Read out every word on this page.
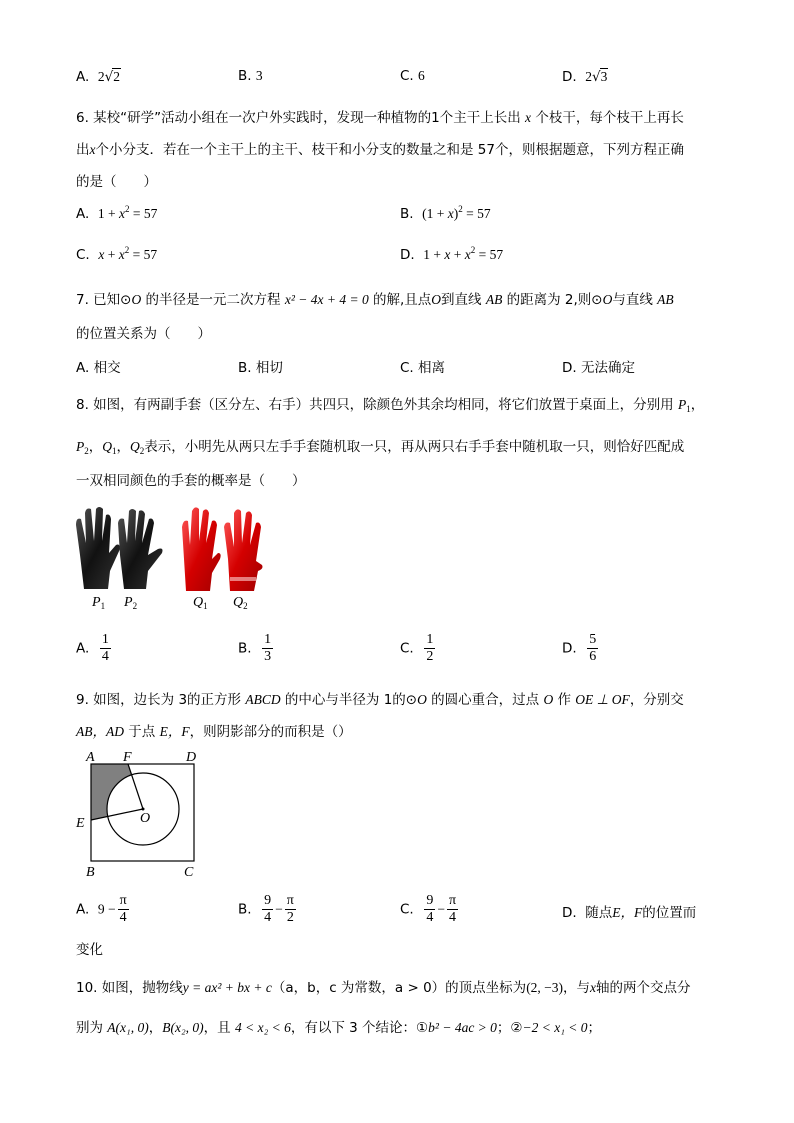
A. 2√2	B. 3	C. 6	D. 2√3
6. 某校“研学”活动小组在一次户外实践时，发现一种植物的1个主干上长出 x 个枝干，每个枝干上再长
出x个小分支．若在一个主干上的主干、枝干和小分支的数量之和是 57个，则根据题意，下列方程正确
的是（　　）
A. $1 + x^2 = 57$	B. $(1 + x)^2 = 57$
C. $x + x^2 = 57$	D. $1 + x + x^2 = 57$
7. 已知⊙O 的半径是一元二次方程 x² − 4x + 4 = 0 的解,且点O到直线 AB 的距离为 2,则⊙O与直线 AB
的位置关系为（　　）
A. 相交	B. 相切	C. 相离	D. 无法确定
8. 如图，有两副手套（区分左、右手）共四只，除颜色外其余均相同，将它们放置于桌面上，分别用 $P_1$，
$P_2$，$Q_1$，$Q_2$表示，小明先从两只左手手套随机取一只，再从两只右手手套中随机取一只，则恰好匹配成
一双相同颜色的手套的概率是（　　）
$P_1$ $P_2$	$Q_1$ $Q_2$
A. $\frac{1}{4}$	B. $\frac{1}{3}$	C. $\frac{1}{2}$	D. $\frac{5}{6}$
9. 如图，边长为 3的正方形 ABCD 的中心与半径为 1的⊙O 的圆心重合，过点 O 作 OE ⊥ OF，分别交
AB，AD 于点 E，F，则阴影部分的而积是（）
A F	D
E	O
B	C
A. $9 - \frac{\pi}{4}$	B. $\frac{9}{4} - \frac{\pi}{2}$	C. $\frac{9}{4} - \frac{\pi}{4}$	D. 随点E，F的位置而
变化
10. 如图，抛物线y = ax² + bx + c（a，b，c 为常数，a > 0）的顶点坐标为(2, −3)，与x轴的两个交点分
别为 A(x₁, 0)，B(x₂, 0)，且 4 < x₂ < 6，有以下 3 个结论：①b² − 4ac > 0；②−2 < x₁ < 0；
